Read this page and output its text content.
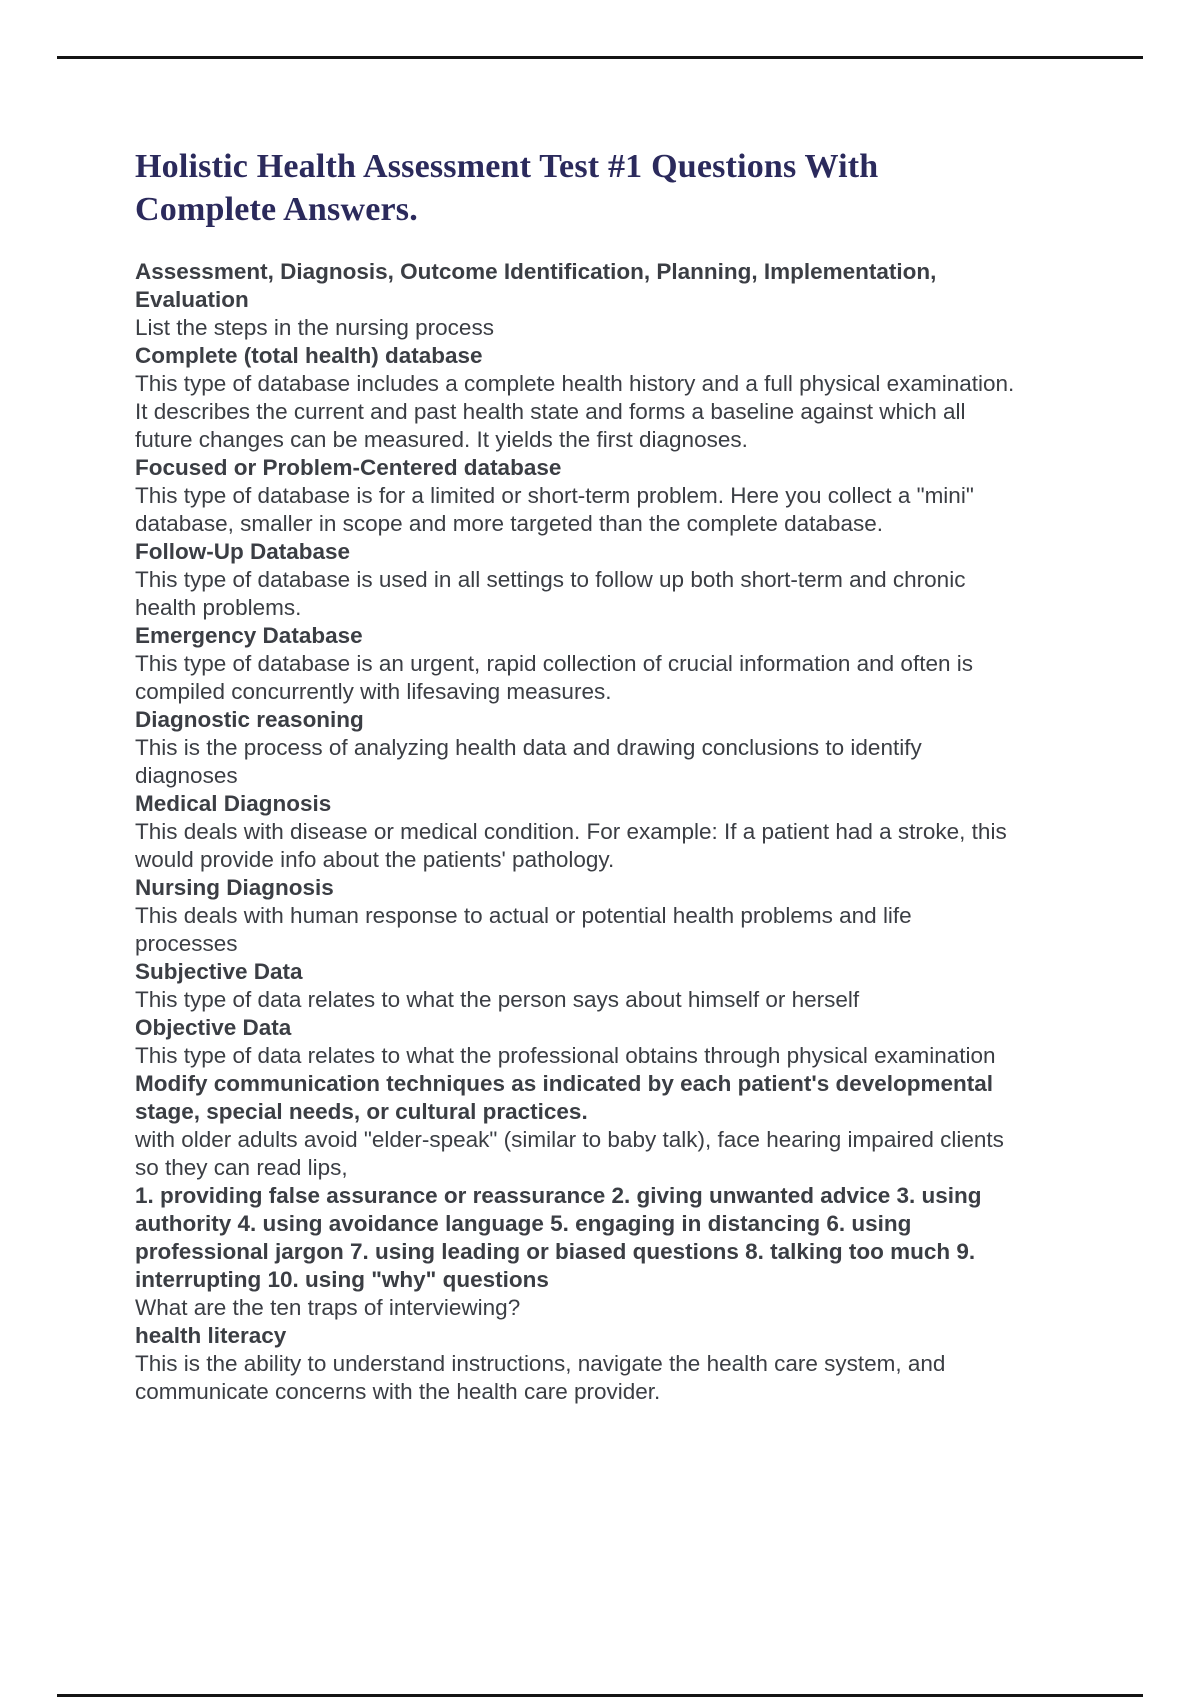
Holistic Health Assessment Test #1 Questions With
Complete Answers.

Assessment, Diagnosis, Outcome Identification, Planning, Implementation, Evaluation

List the steps in the nursing process

Complete (total health) database

This type of database includes a complete health history and a full physical examination. It describes the current and past health state and forms a baseline against which all future changes can be measured. It yields the first diagnoses.

Focused or Problem-Centered database

This type of database is for a limited or short-term problem. Here you collect a "mini" database, smaller in scope and more targeted than the complete database.

Follow-Up Database

This type of database is used in all settings to follow up both short-term and chronic health problems.

Emergency Database

This type of database is an urgent, rapid collection of crucial information and often is compiled concurrently with lifesaving measures.

Diagnostic reasoning

This is the process of analyzing health data and drawing conclusions to identify diagnoses

Medical Diagnosis

This deals with disease or medical condition. For example: If a patient had a stroke, this would provide info about the patients' pathology.

Nursing Diagnosis

This deals with human response to actual or potential health problems and life processes

Subjective Data

This type of data relates to what the person says about himself or herself

Objective Data

This type of data relates to what the professional obtains through physical examination

Modify communication techniques as indicated by each patient's developmental stage, special needs, or cultural practices.

with older adults avoid "elder-speak" (similar to baby talk), face hearing impaired clients so they can read lips,

1. providing false assurance or reassurance 2. giving unwanted advice 3. using authority 4. using avoidance language 5. engaging in distancing 6. using professional jargon 7. using leading or biased questions 8. talking too much 9. interrupting 10. using "why" questions

What are the ten traps of interviewing?

health literacy

This is the ability to understand instructions, navigate the health care system, and communicate concerns with the health care provider.
